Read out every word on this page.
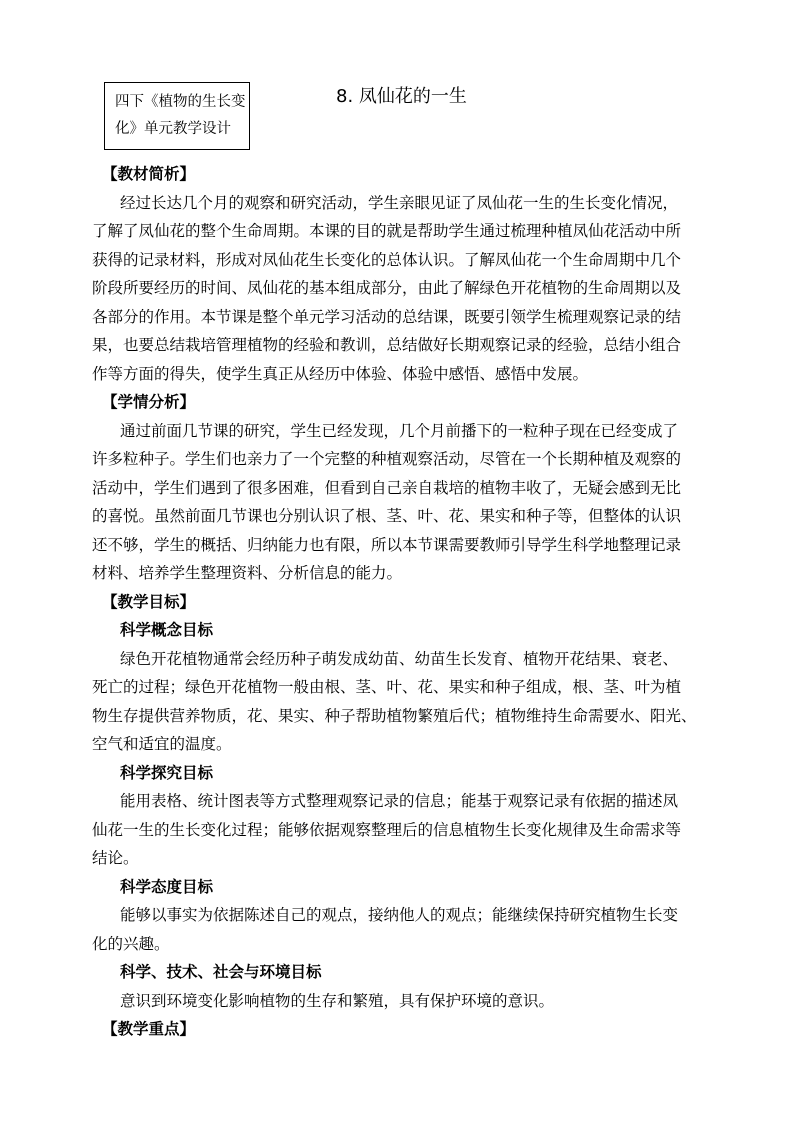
四下《植物的生长变
化》单元教学设计
8. 凤仙花的一生
【教材简析】
经过长达几个月的观察和研究活动，学生亲眼见证了凤仙花一生的生长变化情况，
了解了凤仙花的整个生命周期。本课的目的就是帮助学生通过梳理种植凤仙花活动中所
获得的记录材料，形成对凤仙花生长变化的总体认识。了解凤仙花一个生命周期中几个
阶段所要经历的时间、凤仙花的基本组成部分，由此了解绿色开花植物的生命周期以及
各部分的作用。本节课是整个单元学习活动的总结课，既要引领学生梳理观察记录的结
果，也要总结栽培管理植物的经验和教训，总结做好长期观察记录的经验，总结小组合
作等方面的得失，使学生真正从经历中体验、体验中感悟、感悟中发展。
【学情分析】
通过前面几节课的研究，学生已经发现，几个月前播下的一粒种子现在已经变成了
许多粒种子。学生们也亲力了一个完整的种植观察活动，尽管在一个长期种植及观察的
活动中，学生们遇到了很多困难，但看到自己亲自栽培的植物丰收了，无疑会感到无比
的喜悦。虽然前面几节课也分别认识了根、茎、叶、花、果实和种子等，但整体的认识
还不够，学生的概括、归纳能力也有限，所以本节课需要教师引导学生科学地整理记录
材料、培养学生整理资料、分析信息的能力。
【教学目标】
科学概念目标
绿色开花植物通常会经历种子萌发成幼苗、幼苗生长发育、植物开花结果、衰老、
死亡的过程；绿色开花植物一般由根、茎、叶、花、果实和种子组成，根、茎、叶为植
物生存提供营养物质，花、果实、种子帮助植物繁殖后代；植物维持生命需要水、阳光、
空气和适宜的温度。
科学探究目标
能用表格、统计图表等方式整理观察记录的信息；能基于观察记录有依据的描述凤
仙花一生的生长变化过程；能够依据观察整理后的信息植物生长变化规律及生命需求等
结论。
科学态度目标
能够以事实为依据陈述自己的观点，接纳他人的观点；能继续保持研究植物生长变
化的兴趣。
科学、技术、社会与环境目标
意识到环境变化影响植物的生存和繁殖，具有保护环境的意识。
【教学重点】
